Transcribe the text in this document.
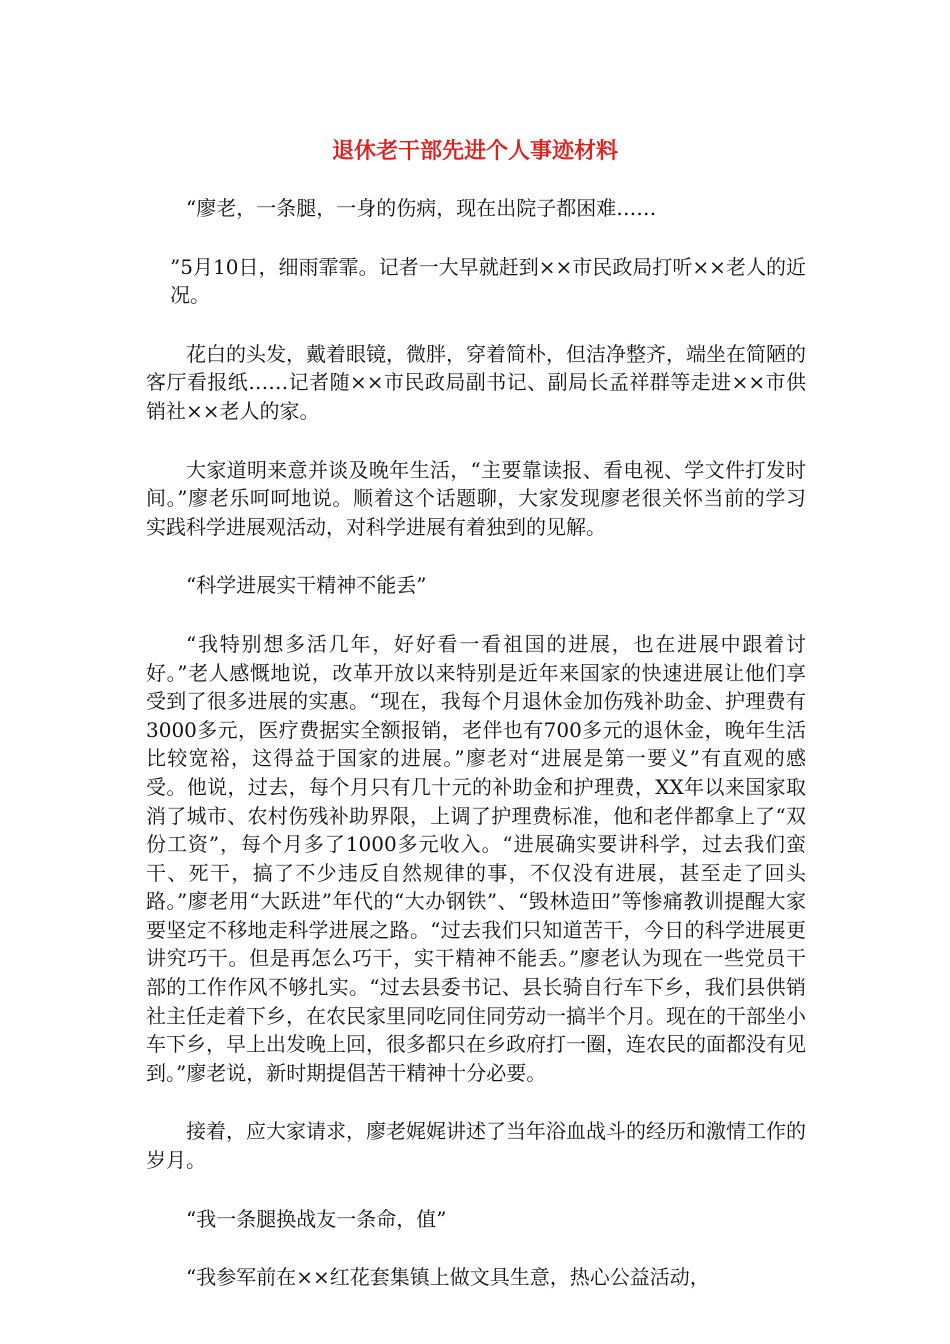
退休老干部先进个人事迹材料

“廖老，一条腿，一身的伤病，现在出院子都困难……

”5月10日，细雨霏霏。记者一大早就赶到××市民政局打听××老人的近况。

花白的头发，戴着眼镜，微胖，穿着简朴，但洁净整齐，端坐在简陋的客厅看报纸……记者随××市民政局副书记、副局长孟祥群等走进××市供销社××老人的家。

大家道明来意并谈及晚年生活，“主要靠读报、看电视、学文件打发时间。”廖老乐呵呵地说。顺着这个话题聊，大家发现廖老很关怀当前的学习实践科学进展观活动，对科学进展有着独到的见解。

“科学进展实干精神不能丢”

“我特别想多活几年，好好看一看祖国的进展，也在进展中跟着讨好。”老人感慨地说，改革开放以来特别是近年来国家的快速进展让他们享受到了很多进展的实惠。“现在，我每个月退休金加伤残补助金、护理费有3000多元，医疗费据实全额报销，老伴也有700多元的退休金，晚年生活比较宽裕，这得益于国家的进展。”廖老对“进展是第一要义”有直观的感受。他说，过去，每个月只有几十元的补助金和护理费，XX年以来国家取消了城市、农村伤残补助界限，上调了护理费标准，他和老伴都拿上了“双份工资”，每个月多了1000多元收入。“进展确实要讲科学，过去我们蛮干、死干，搞了不少违反自然规律的事，不仅没有进展，甚至走了回头路。”廖老用“大跃进”年代的“大办钢铁”、“毁林造田”等惨痛教训提醒大家要坚定不移地走科学进展之路。“过去我们只知道苦干，今日的科学进展更讲究巧干。但是再怎么巧干，实干精神不能丢。”廖老认为现在一些党员干部的工作作风不够扎实。“过去县委书记、县长骑自行车下乡，我们县供销社主任走着下乡，在农民家里同吃同住同劳动一搞半个月。现在的干部坐小车下乡，早上出发晚上回，很多都只在乡政府打一圈，连农民的面都没有见到。”廖老说，新时期提倡苦干精神十分必要。

接着，应大家请求，廖老娓娓讲述了当年浴血战斗的经历和激情工作的岁月。

“我一条腿换战友一条命，值”

“我参军前在××红花套集镇上做文具生意，热心公益活动，
